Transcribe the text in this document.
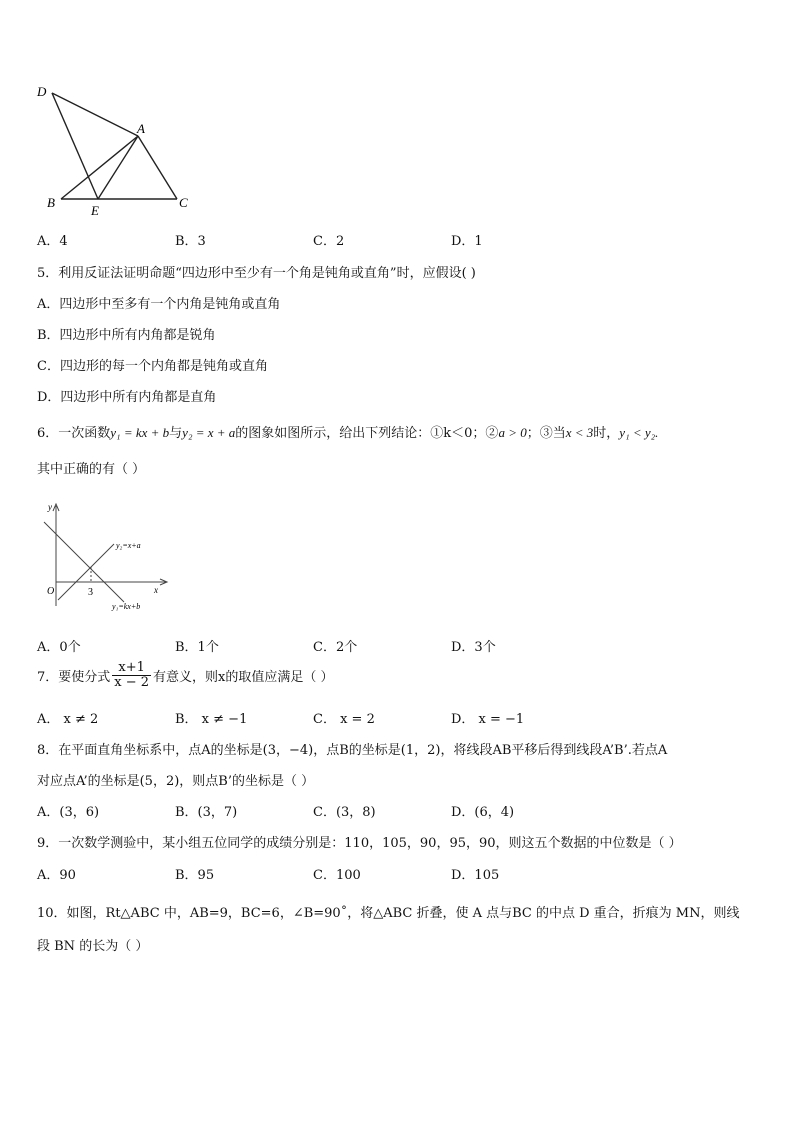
D
A
B
E
C
A．4	B．3	C．2	D．1
5．利用反证法证明命题“四边形中至少有一个角是钝角或直角”时，应假设( )
A．四边形中至多有一个内角是钝角或直角
B．四边形中所有内角都是锐角
C．四边形的每一个内角都是钝角或直角
D．四边形中所有内角都是直角
6．一次函数y₁ = kx + b与y₂ = x + a的图象如图所示，给出下列结论：①k＜0；②a > 0；③当x < 3时，y₁ < y₂.
其中正确的有（ ）
y
x
O	3
y₂=x+a
y₁=kx+b
A．0个	B．1个	C．2个	D．3个
7．要使分式 $\frac{x+1}{x - 2}$ 有意义，则x的取值应满足（ ）
A． x ≠ 2	B． x ≠ −1	C． x = 2	D． x = −1
8．在平面直角坐标系中，点A的坐标是(3，−4)，点B的坐标是(1，2)，将线段AB平移后得到线段A’B’.若点A
对应点A’的坐标是(5，2)，则点B’的坐标是（ ）
A．(3，6)	B．(3，7)	C．(3，8)	D．(6，4)
9．一次数学测验中，某小组五位同学的成绩分别是：110，105，90，95，90，则这五个数据的中位数是（ ）
A．90	B．95	C．100	D．105
10．如图，Rt△ABC 中，AB=9，BC=6，∠B=90˚，将△ABC 折叠，使 A 点与BC 的中点 D 重合，折痕为 MN，则线
段 BN 的长为（ ）
